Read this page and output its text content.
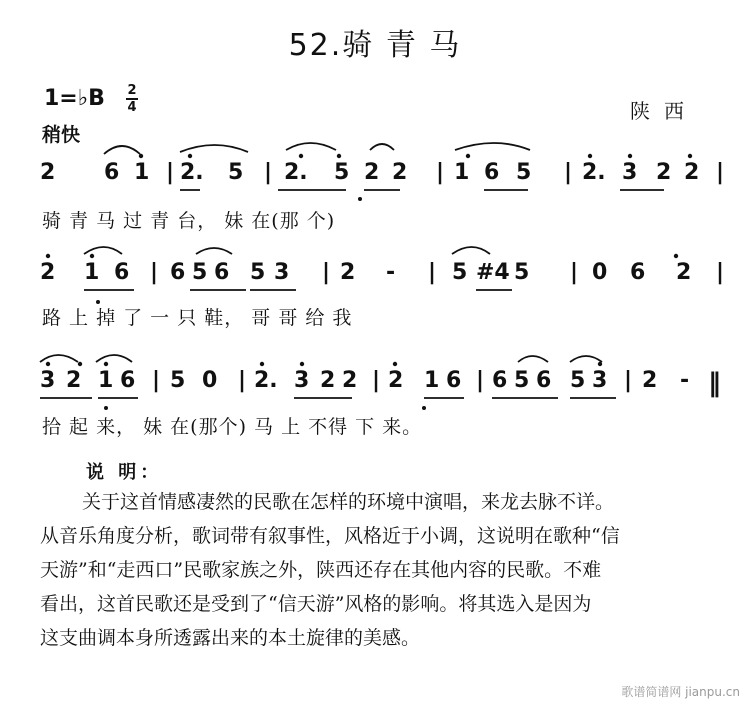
52.骑 青 马
1=♭B 2
4
稍快
陕西
2 6 1 | 2. 5 | 2. 5 2 2 | 1 6 5 | 2. 3 2 2 |
骑 青 马 过 青 台， 妹 在(那 个)
2 1 6 | 6 5 6 5 3 | 2 - | 5 #4 5 | 0 6 2 |
路 上 掉 了 一 只 鞋， 哥 哥 给 我
3 2 1 6 | 5 0 | 2. 3 2 2 | 2 1 6 | 6 5 6 5 3 | 2 - ‖
拾 起 来， 妹 在(那个) 马 上 不得 下 来。
说 明：

关于这首情感凄然的民歌在怎样的环境中演唱，来龙去脉不详。

从音乐角度分析，歌词带有叙事性，风格近于小调，这说明在歌种“信

天游”和“走西口”民歌家族之外，陕西还存在其他内容的民歌。不难

看出，这首民歌还是受到了“信天游”风格的影响。将其选入是因为

这支曲调本身所透露出来的本土旋律的美感。

歌谱简谱网 jianpu.cn
